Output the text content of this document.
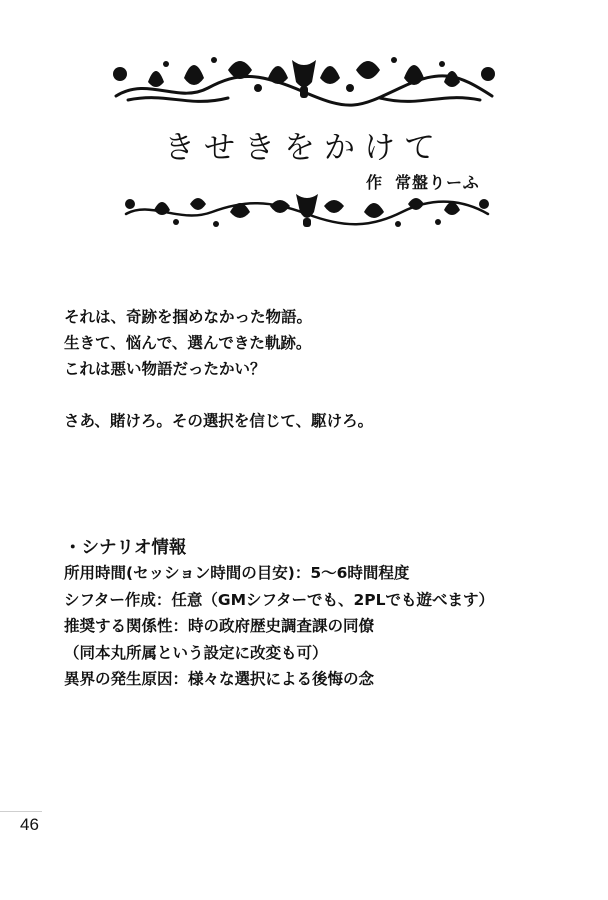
きせきをかけて
作 常盤りーふ

それは、奇跡を掴めなかった物語。

生きて、悩んで、選んできた軌跡。

これは悪い物語だったかい？

さあ、賭けろ。その選択を信じて、駆けろ。

・シナリオ情報

所用時間(セッション時間の目安)：5〜6時間程度

シフター作成：任意（GMシフターでも、2PLでも遊べます）

推奨する関係性：時の政府歴史調査課の同僚

（同本丸所属という設定に改変も可）

異界の発生原因：様々な選択による後悔の念

46
